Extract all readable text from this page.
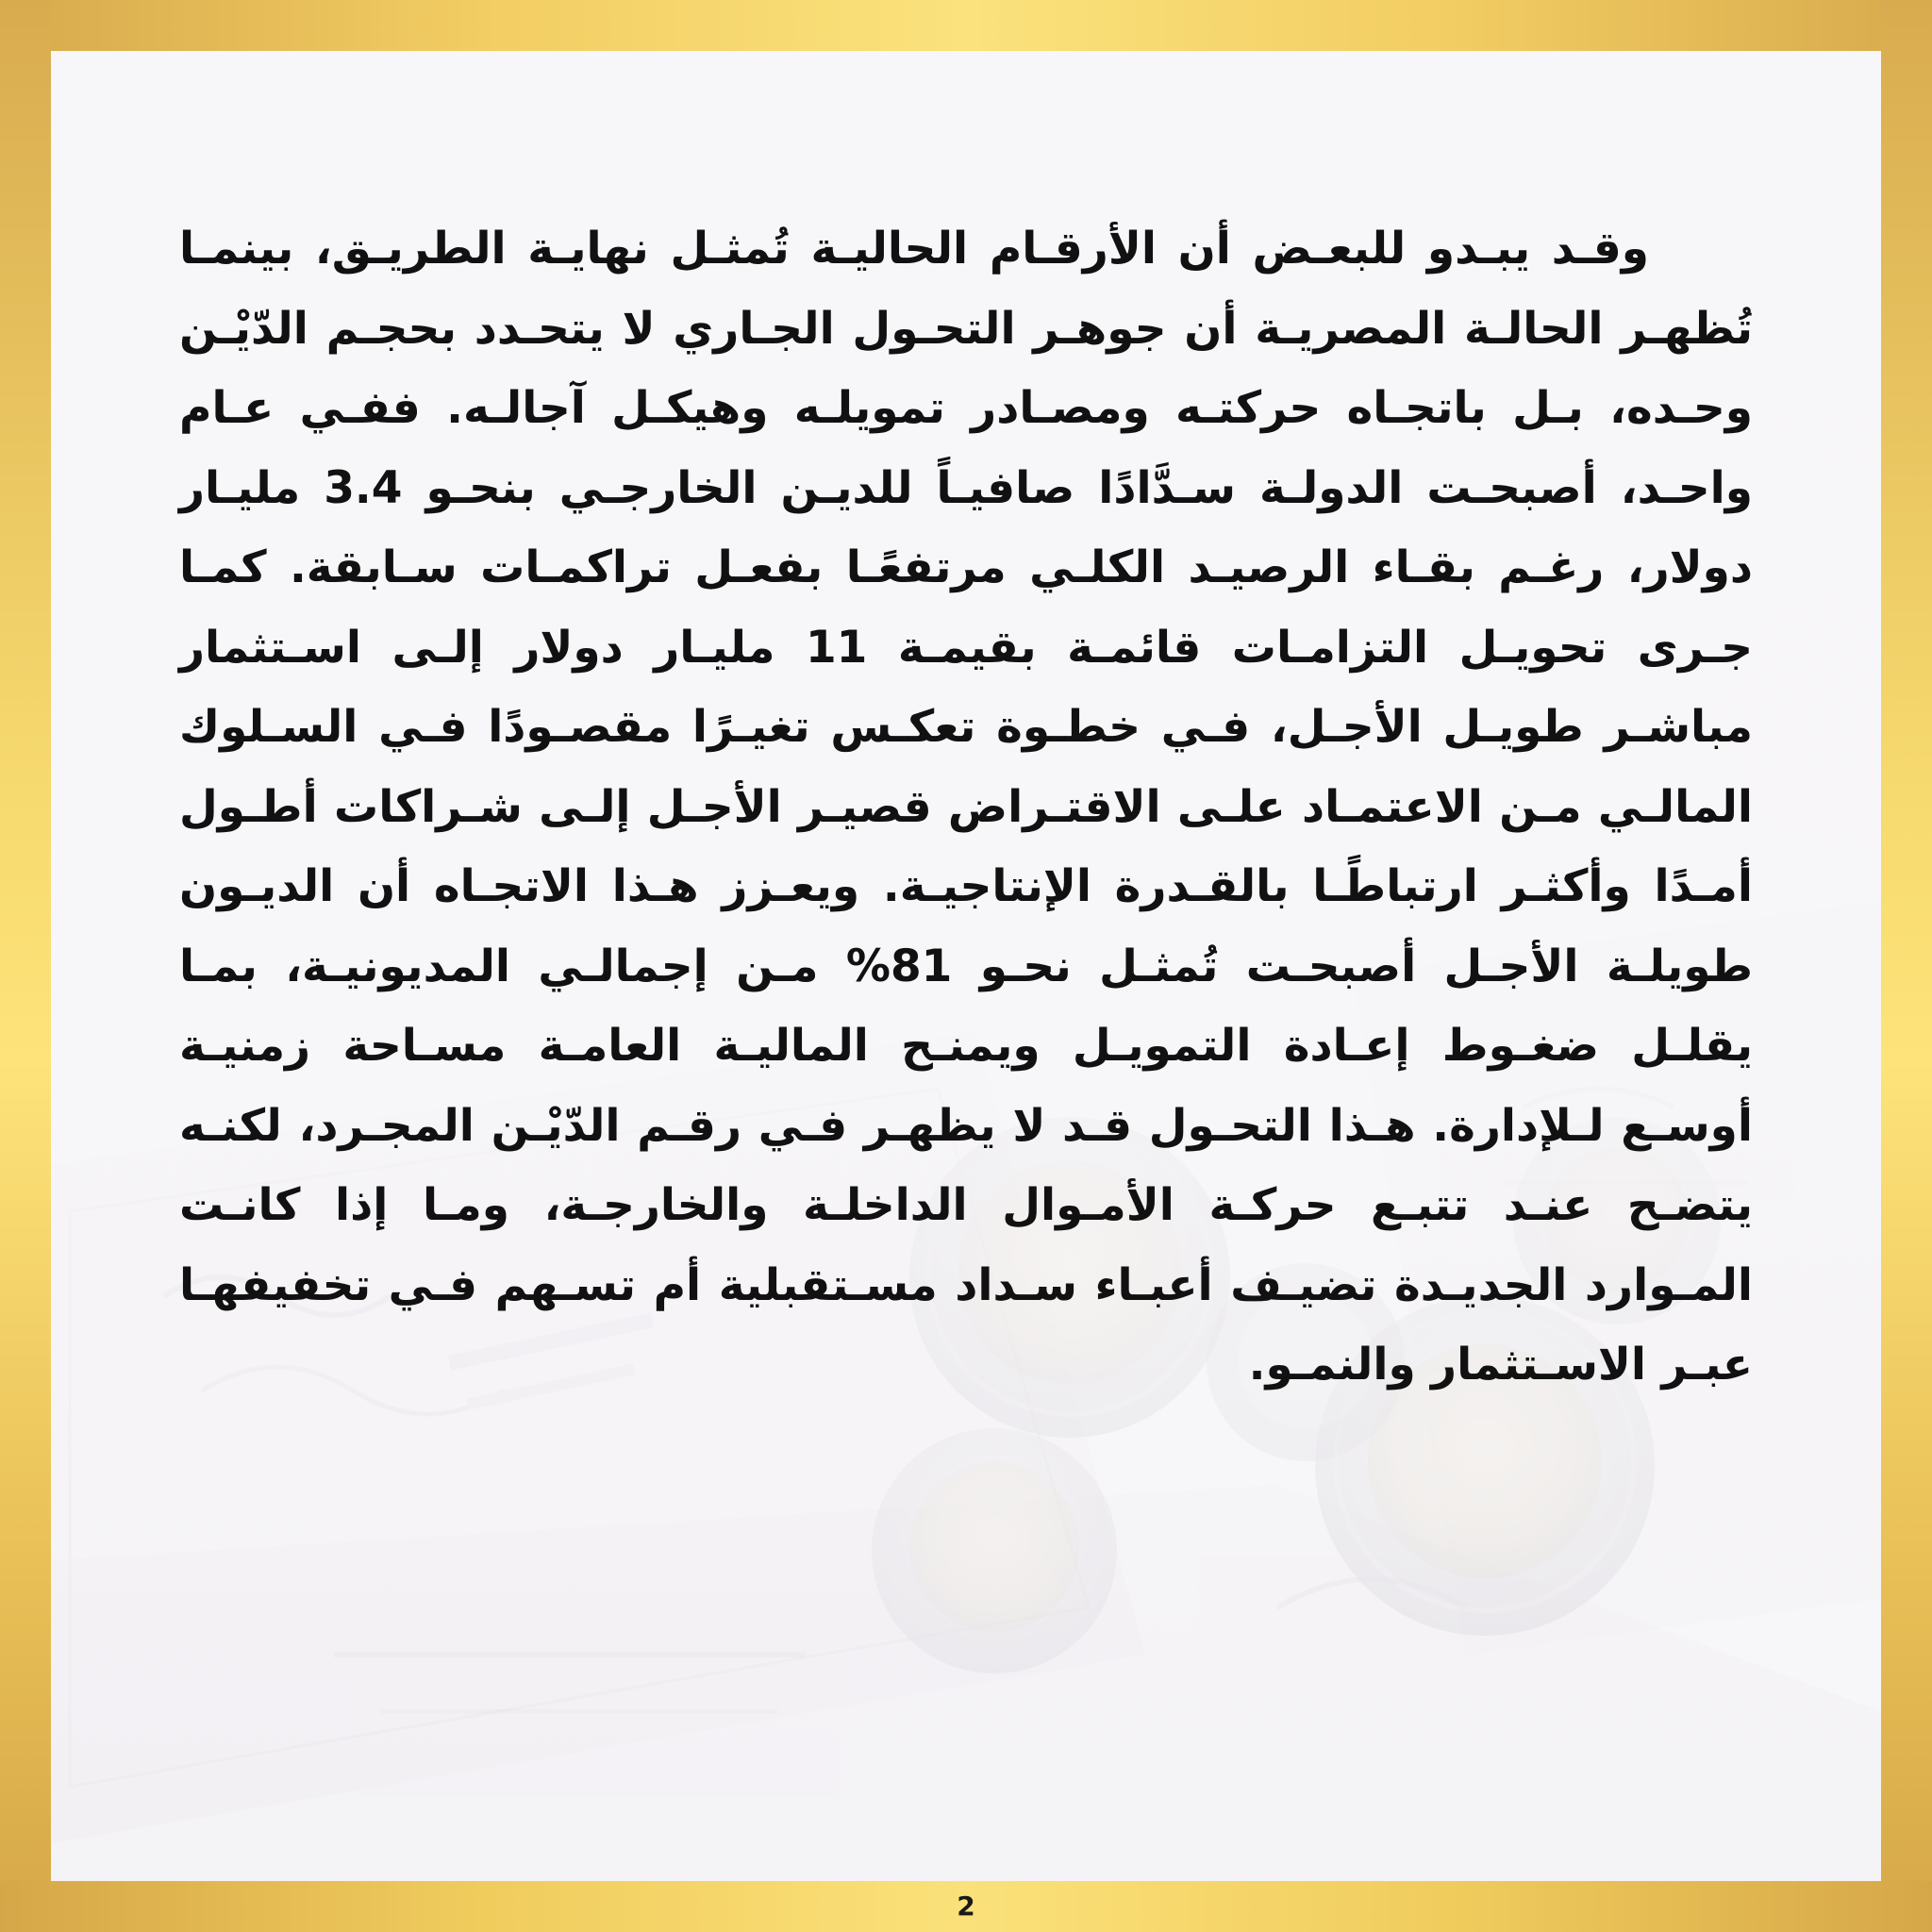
وقـد يبـدو للبعـض أن الأرقـام الحاليـة تُمثـل نهايـة الطريـق، بينمـا تُظهـر الحالـة المصريـة أن جوهـر التحـول الجـاري لا يتحـدد بحجـم الدّيْـن وحـده، بـل باتجـاه حركتـه ومصـادر تمويلـه وهيكـل آجالـه. ففـي عـام واحـد، أصبحـت الدولـة سـدَّادًا صافيـاً للديـن الخارجـي بنحـو 3.4 مليـار دولار، رغـم بقـاء الرصيـد الكلـي مرتفعًـا بفعـل تراكمـات سـابقة. كمـا جـرى تحويـل التزامـات قائمـة بقيمـة 11 مليـار دولار إلـى اسـتثمار مباشـر طويـل الأجـل، فـي خطـوة تعكـس تغيـرًا مقصـودًا فـي السـلوك المالـي مـن الاعتمـاد علـى الاقتـراض قصيـر الأجـل إلـى شـراكات أطـول أمـدًا وأكثـر ارتباطًـا بالقـدرة الإنتاجيـة. ويعـزز هـذا الاتجـاه أن الديـون طويلـة الأجـل أصبحـت تُمثـل نحـو 81% مـن إجمالـي المديونيـة، بمـا يقلـل ضغـوط إعـادة التمويـل ويمنـح الماليـة العامـة مسـاحة زمنيـة أوسـع لـلإدارة. هـذا التحـول قـد لا يظهـر فـي رقـم الدّيْـن المجـرد، لكنـه يتضـح عنـد تتبـع حركـة الأمـوال الداخلـة والخارجـة، ومـا إذا كانـت المـوارد الجديـدة تضيـف أعبـاء سـداد مسـتقبلية أم تسـهم فـي تخفيفهـا عبـر الاسـتثمار والنمـو.

2
